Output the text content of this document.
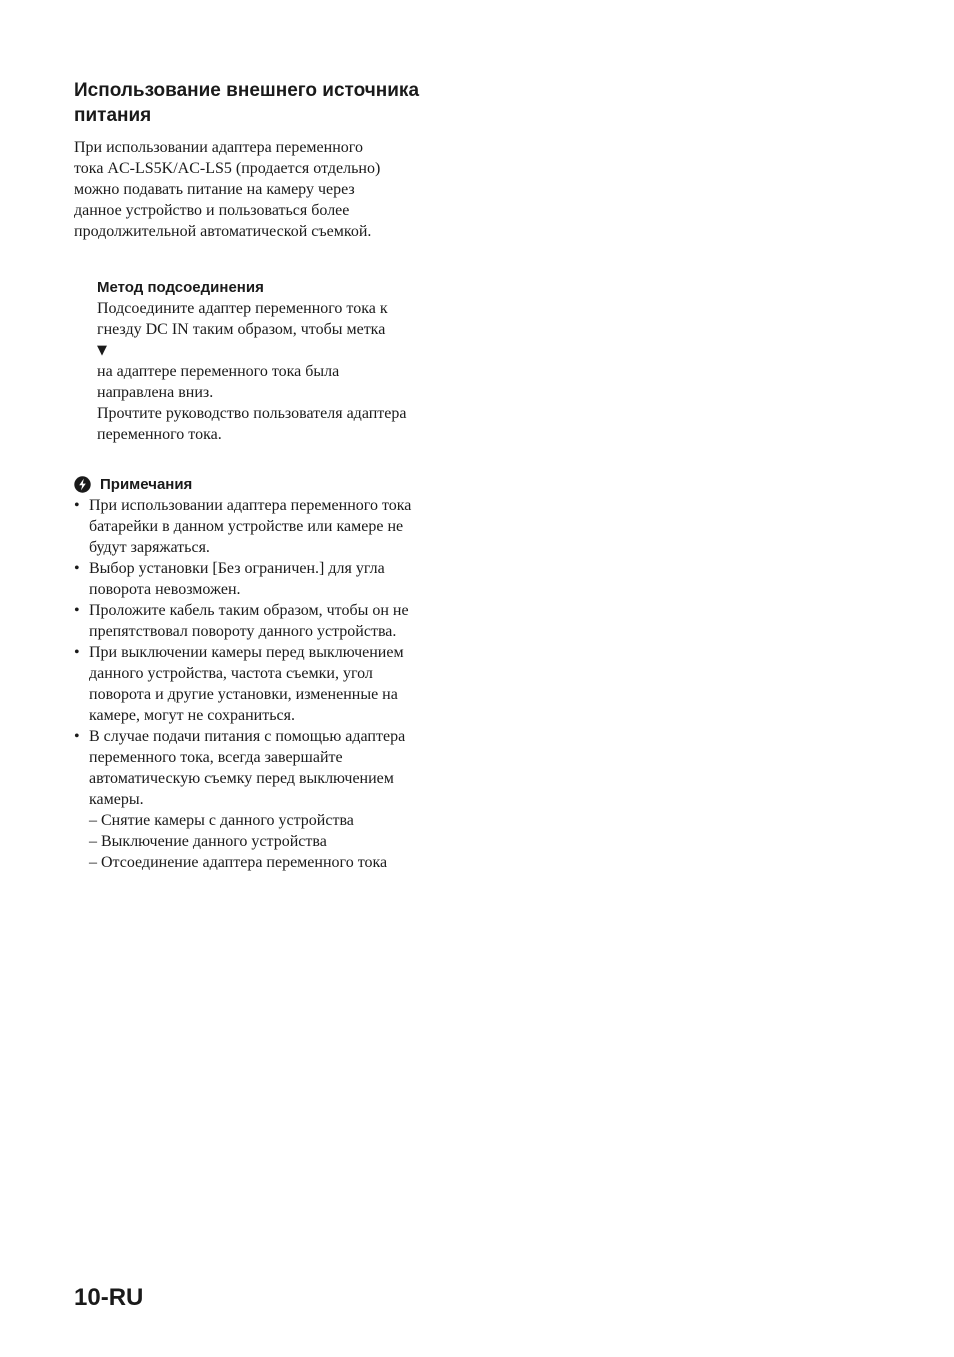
Использование внешнего источника
питания

При использовании адаптера переменного
тока AC-LS5K/AC-LS5 (продается отдельно)
можно подавать питание на камеру через
данное устройство и пользоваться более
продолжительной автоматической съемкой.

Метод подсоединения

Подсоедините адаптер переменного тока к
гнезду DC IN таким образом, чтобы метка
▼
на адаптере переменного тока была
направлена вниз.
Прочтите руководство пользователя адаптера
переменного тока.

Примечания
• При использовании адаптера переменного тока
батарейки в данном устройстве или камере не
будут заряжаться.
• Выбор установки [Без ограничен.] для угла
поворота невозможен.
• Проложите кабель таким образом, чтобы он не
препятствовал повороту данного устройства.
• При выключении камеры перед выключением
данного устройства, частота съемки, угол
поворота и другие установки, измененные на
камере, могут не сохраниться.
• В случае подачи питания с помощью адаптера
переменного тока, всегда завершайте
автоматическую съемку перед выключением
камеры.
– Снятие камеры с данного устройства
– Выключение данного устройства
– Отсоединение адаптера переменного тока
10-RU
